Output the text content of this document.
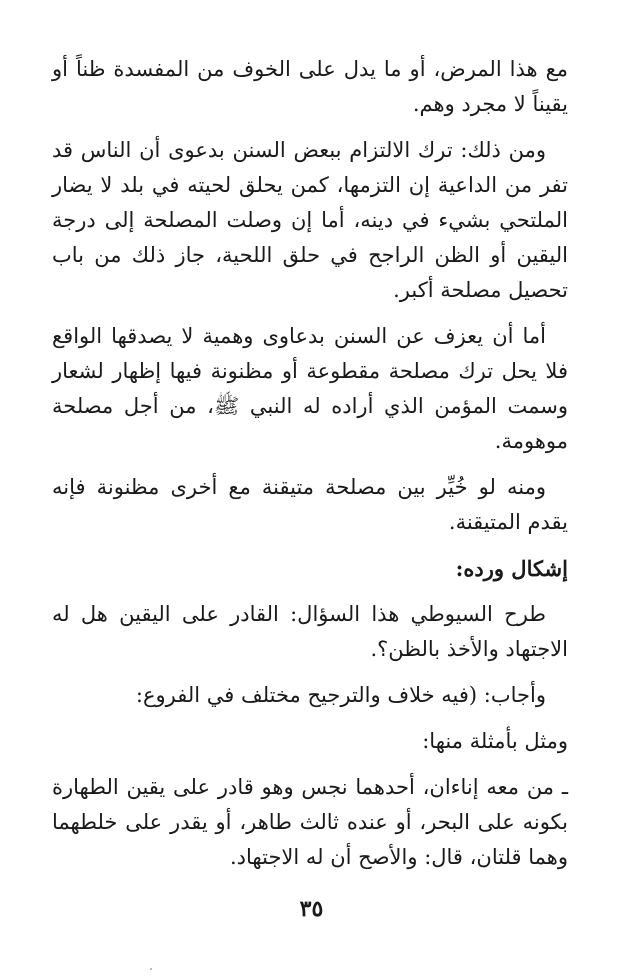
مع هذا المرض، أو ما يدل على الخوف من المفسدة ظناً أو يقيناً لا مجرد وهم.

ومن ذلك: ترك الالتزام ببعض السنن بدعوى أن الناس قد تفر من الداعية إن التزمها، كمن يحلق لحيته في بلد لا يضار الملتحي بشيء في دينه، أما إن وصلت المصلحة إلى درجة اليقين أو الظن الراجح في حلق اللحية، جاز ذلك من باب تحصيل مصلحة أكبر.

أما أن يعزف عن السنن بدعاوى وهمية لا يصدقها الواقع فلا يحل ترك مصلحة مقطوعة أو مظنونة فيها إظهار لشعار وسمت المؤمن الذي أراده له النبي ﷺ، من أجل مصلحة موهومة.

ومنه لو خُيِّر بين مصلحة متيقنة مع أخرى مظنونة فإنه يقدم المتيقنة.

إشكال ورده:

طرح السيوطي هذا السؤال: القادر على اليقين هل له الاجتهاد والأخذ بالظن؟.

وأجاب: (فيه خلاف والترجيح مختلف في الفروع:

ومثل بأمثلة منها:

ـ من معه إناءان، أحدهما نجس وهو قادر على يقين الطهارة بكونه على البحر، أو عنده ثالث طاهر، أو يقدر على خلطهما وهما قلتان، قال: والأصح أن له الاجتهاد.

٣٥
